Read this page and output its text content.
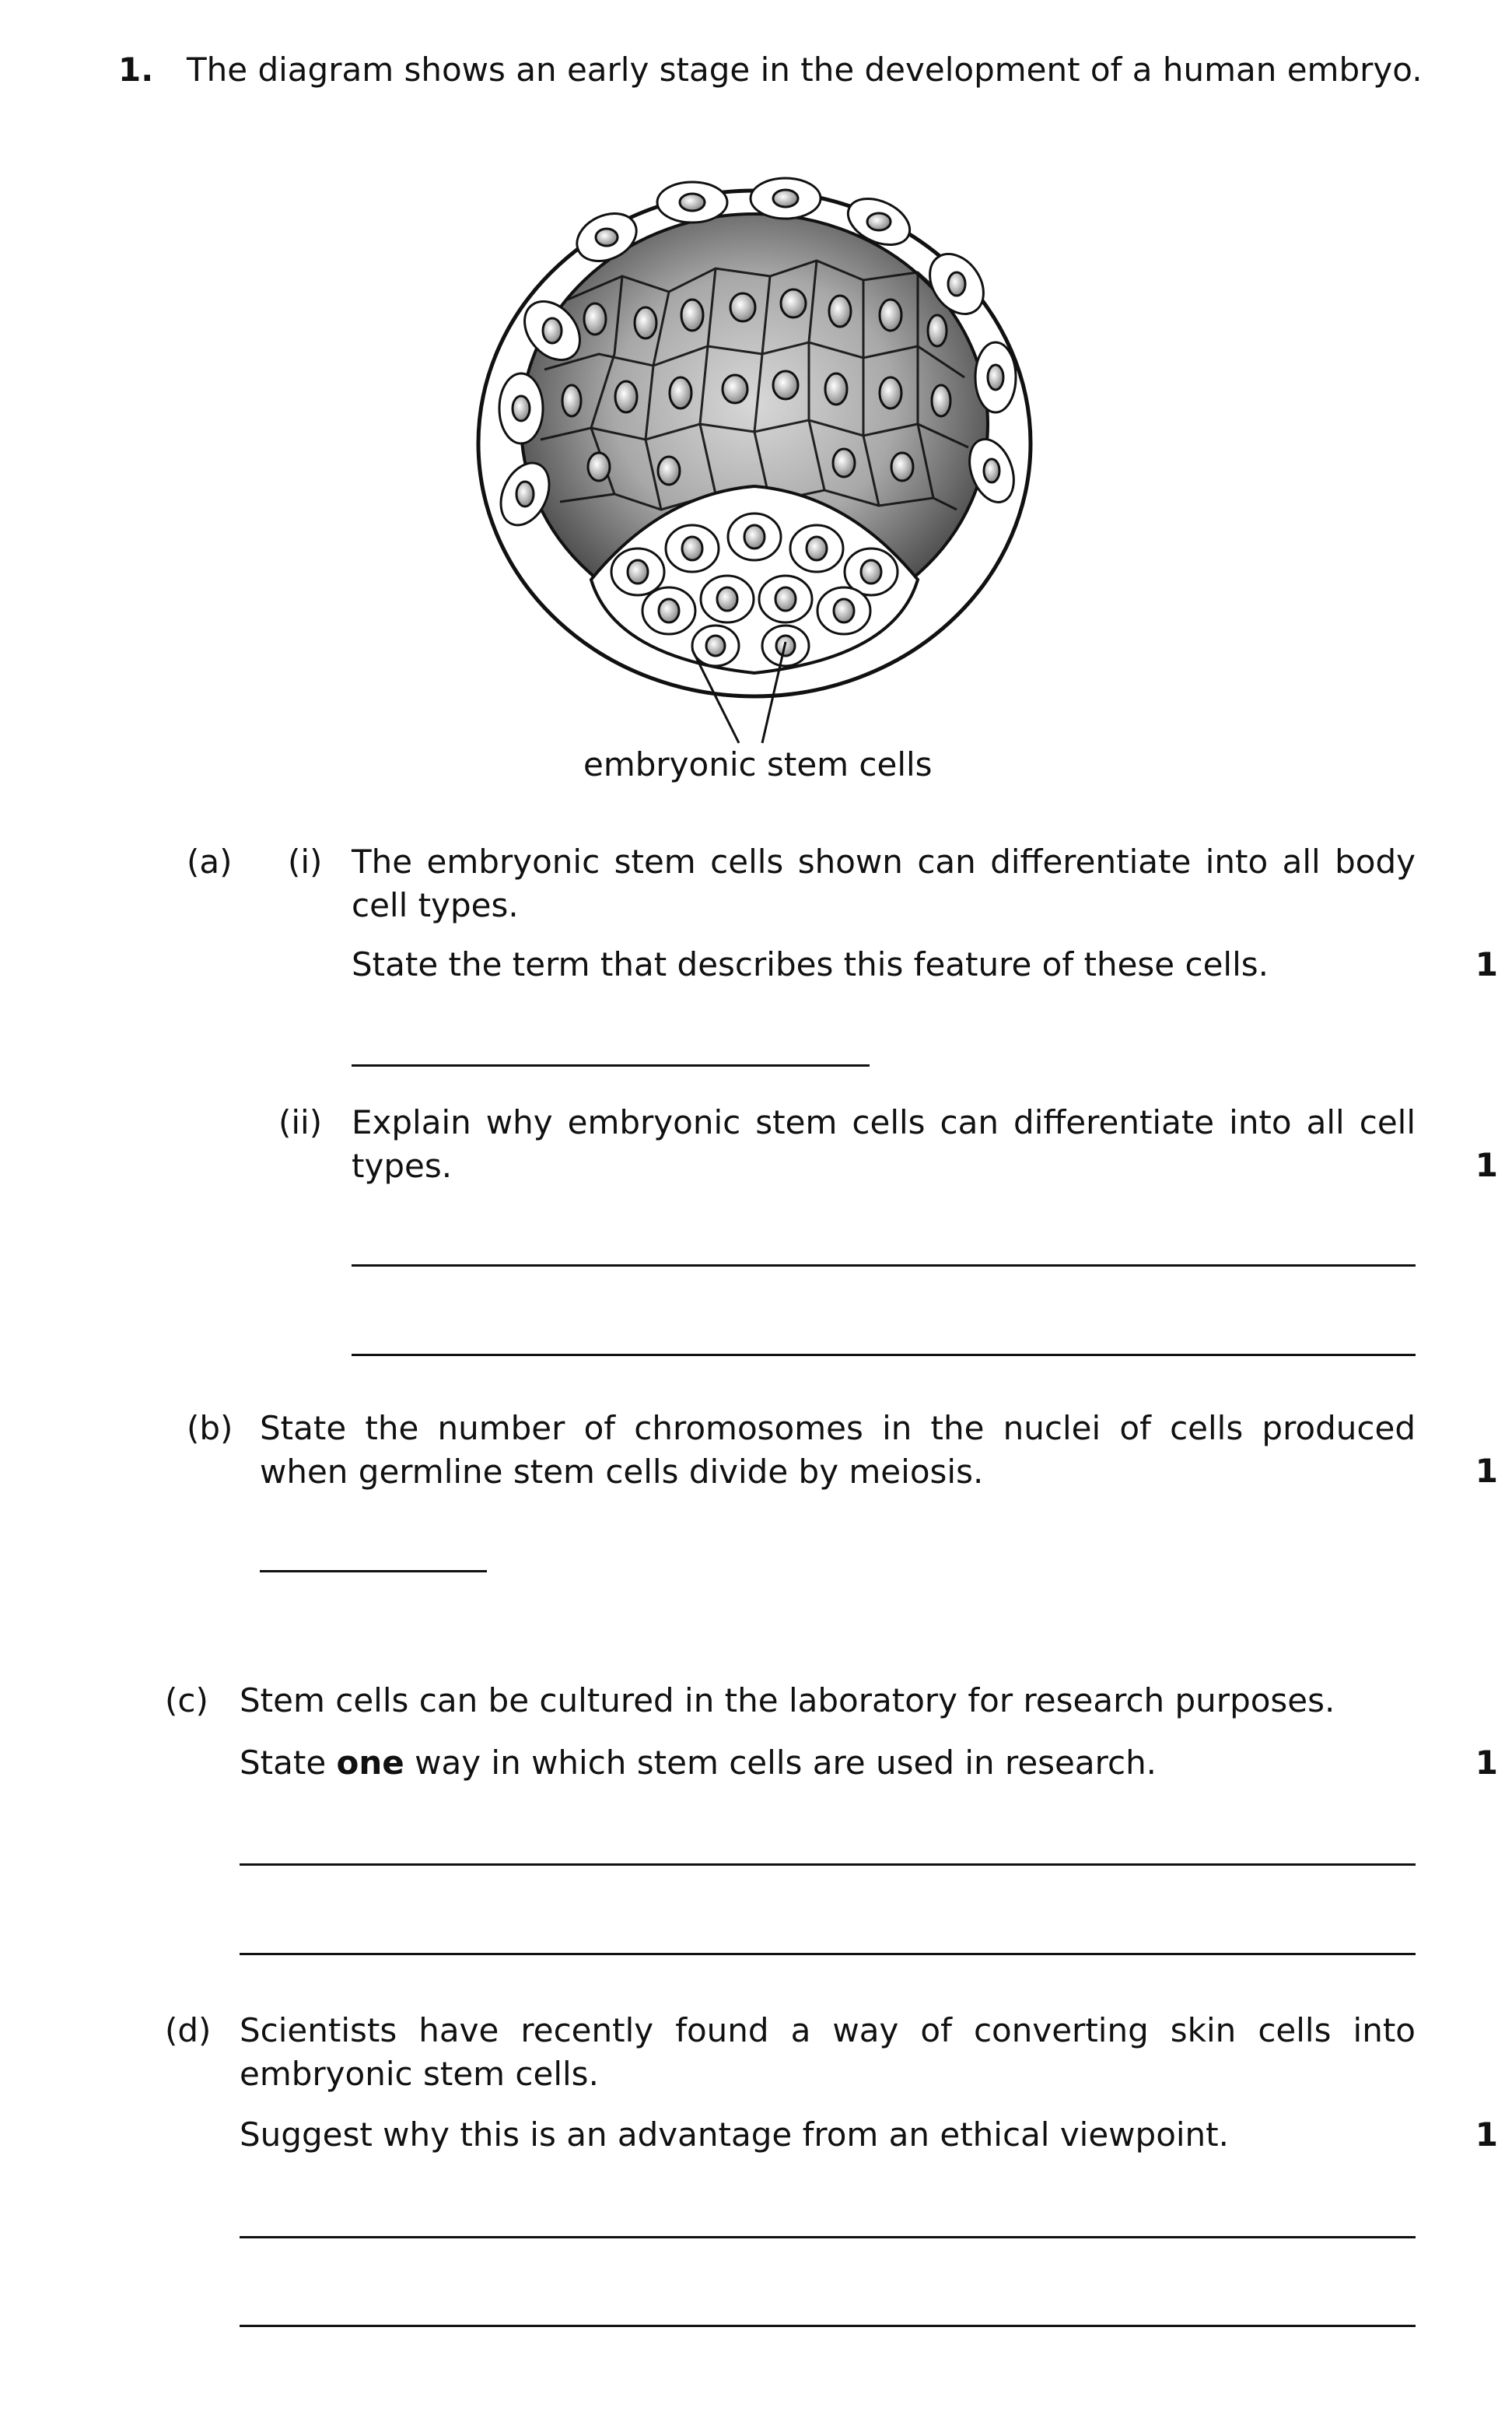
1. The diagram shows an early stage in the development of a human embryo.
embryonic stem cells
(a) (i) The embryonic stem cells shown can differentiate into all body cell types.
State the term that describes this feature of these cells.	1
(ii) Explain why embryonic stem cells can differentiate into all cell types.	1
(b) State the number of chromosomes in the nuclei of cells produced when germline stem cells divide by meiosis.	1
(c) Stem cells can be cultured in the laboratory for research purposes.
State one way in which stem cells are used in research.	1
(d) Scientists have recently found a way of converting skin cells into embryonic stem cells.
Suggest why this is an advantage from an ethical viewpoint.	1
